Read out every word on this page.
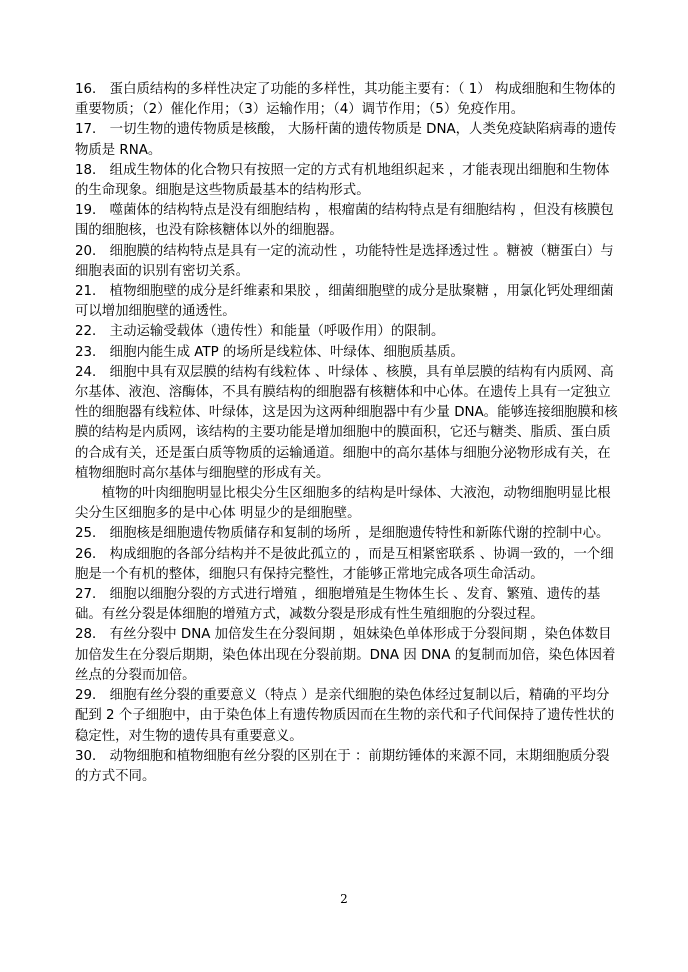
16． 蛋白质结构的多样性决定了功能的多样性，其功能主要有：（ 1） 构成细胞和生物体的重要物质；（2）催化作用；（3）运输作用；（4）调节作用；（5）免疫作用。

17． 一切生物的遗传物质是核酸， 大肠杆菌的遗传物质是 DNA，人类免疫缺陷病毒的遗传物质是 RNA。

18． 组成生物体的化合物只有按照一定的方式有机地组织起来 ，才能表现出细胞和生物体的生命现象。细胞是这些物质最基本的结构形式。

19． 噬菌体的结构特点是没有细胞结构 ，根瘤菌的结构特点是有细胞结构 ，但没有核膜包围的细胞核，也没有除核糖体以外的细胞器。

20． 细胞膜的结构特点是具有一定的流动性 ，功能特性是选择透过性 。糖被（糖蛋白）与细胞表面的识别有密切关系。

21． 植物细胞壁的成分是纤维素和果胶 ，细菌细胞壁的成分是肽聚糖 ，用氯化钙处理细菌可以增加细胞壁的通透性。

22． 主动运输受载体（遗传性）和能量（呼吸作用）的限制。

23． 细胞内能生成 ATP 的场所是线粒体、叶绿体、细胞质基质。

24． 细胞中具有双层膜的结构有线粒体 、叶绿体 、核膜，具有单层膜的结构有内质网、高尔基体、液泡、溶酶体，不具有膜结构的细胞器有核糖体和中心体。在遗传上具有一定独立性的细胞器有线粒体、叶绿体，这是因为这两种细胞器中有少量 DNA。能够连接细胞膜和核膜的结构是内质网，该结构的主要功能是增加细胞中的膜面积，它还与糖类、脂质、蛋白质的合成有关，还是蛋白质等物质的运输通道。细胞中的高尔基体与细胞分泌物形成有关，在植物细胞时高尔基体与细胞壁的形成有关。

植物的叶肉细胞明显比根尖分生区细胞多的结构是叶绿体、大液泡，动物细胞明显比根尖分生区细胞多的是中心体 明显少的是细胞壁。

25． 细胞核是细胞遗传物质储存和复制的场所 ，是细胞遗传特性和新陈代谢的控制中心。

26． 构成细胞的各部分结构并不是彼此孤立的 ，而是互相紧密联系 、协调一致的，一个细胞是一个有机的整体，细胞只有保持完整性，才能够正常地完成各项生命活动。

27． 细胞以细胞分裂的方式进行增殖 ，细胞增殖是生物体生长 、发育、繁殖、遗传的基础。有丝分裂是体细胞的增殖方式，减数分裂是形成有性生殖细胞的分裂过程。

28． 有丝分裂中 DNA 加倍发生在分裂间期 ，姐妹染色单体形成于分裂间期 ，染色体数目加倍发生在分裂后期期，染色体出现在分裂前期。DNA 因 DNA 的复制而加倍，染色体因着丝点的分裂而加倍。

29． 细胞有丝分裂的重要意义（特点 ）是亲代细胞的染色体经过复制以后，精确的平均分配到 2 个子细胞中，由于染色体上有遗传物质因而在生物的亲代和子代间保持了遗传性状的稳定性，对生物的遗传具有重要意义。

30． 动物细胞和植物细胞有丝分裂的区别在于 ：前期纺锤体的来源不同，末期细胞质分裂的方式不同。

2
